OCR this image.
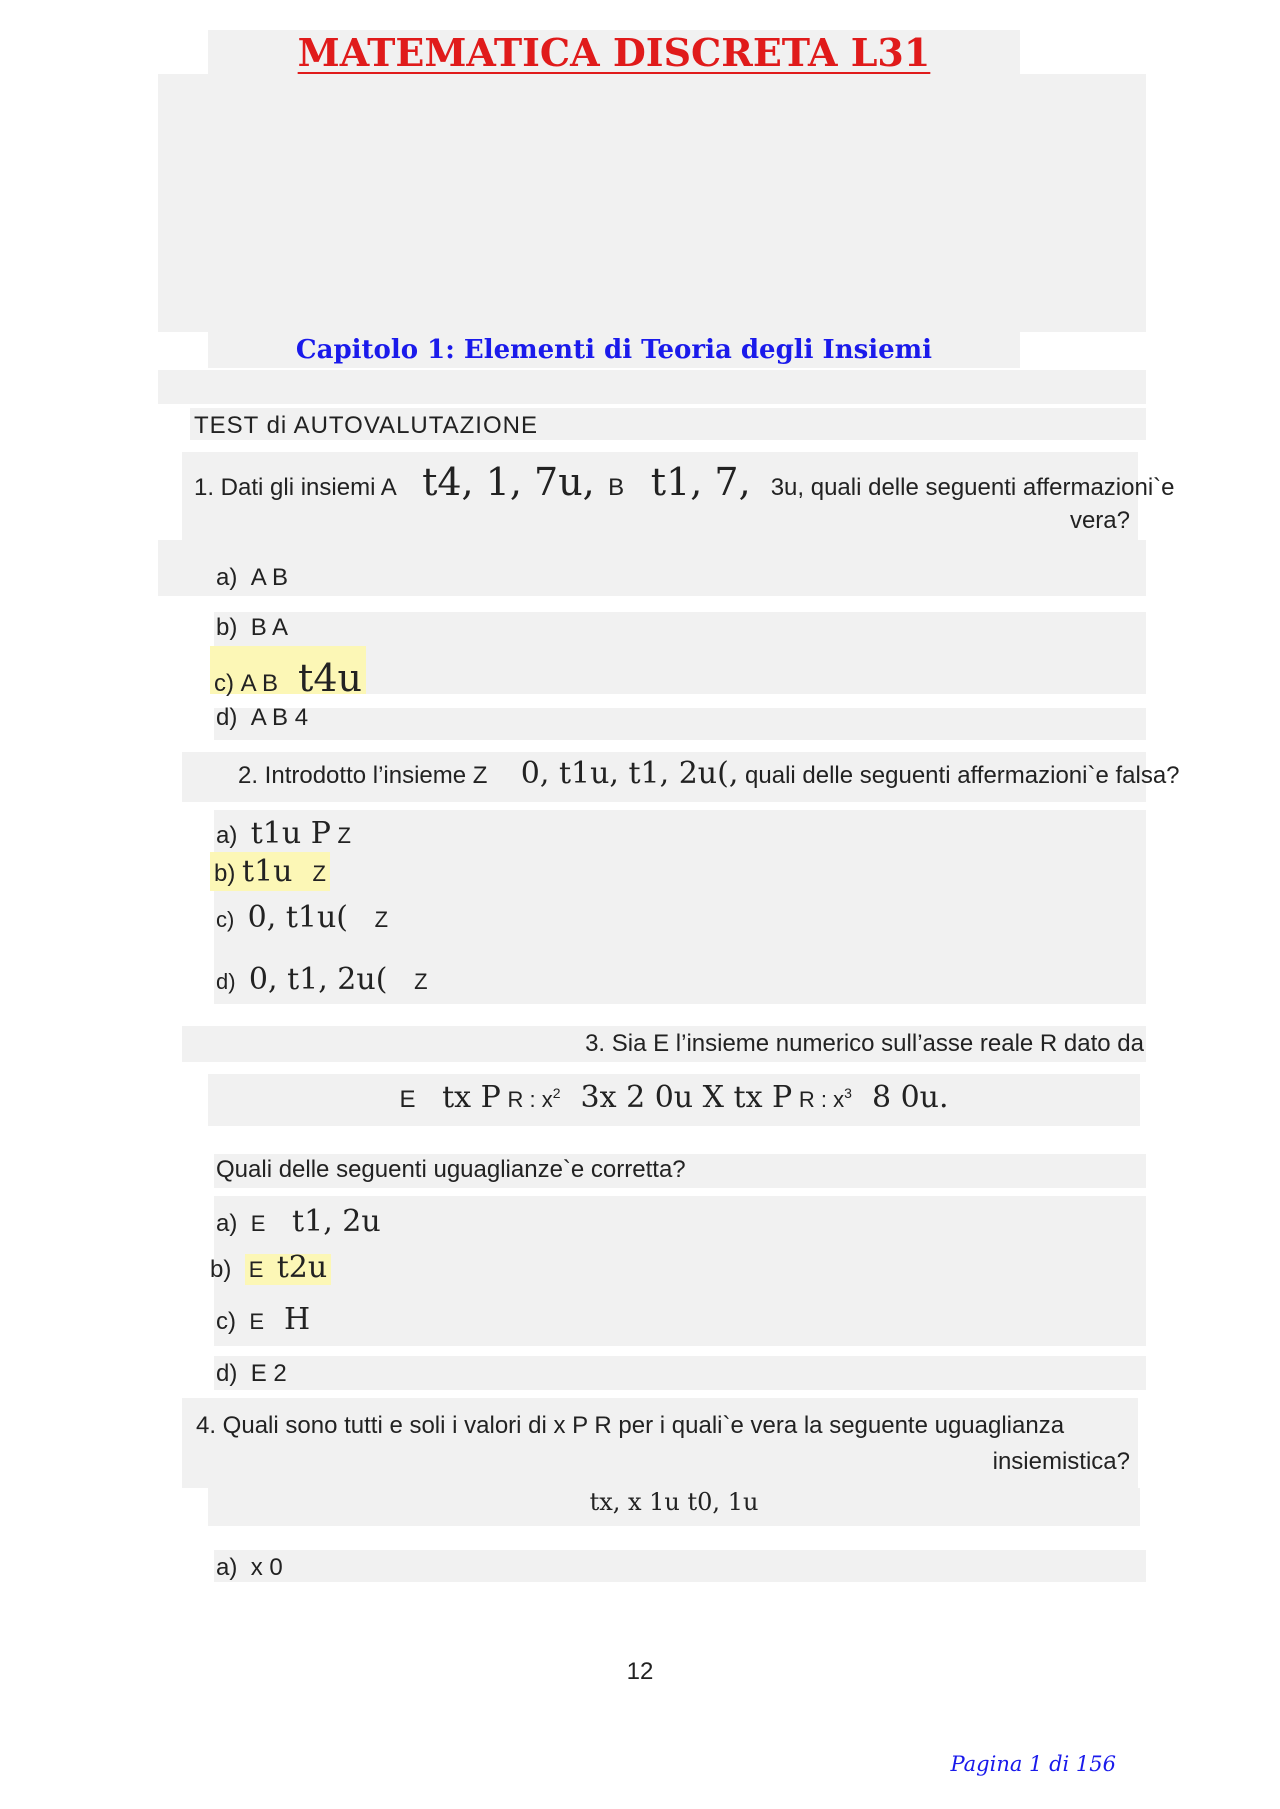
MATEMATICA DISCRETA L31
Capitolo 1: Elementi di Teoria degli Insiemi
TEST di AUTOVALUTAZIONE
1. Dati gli insiemi A t4, 1, 7u, B t1, 7, 3u, quali delle seguenti affermazioni`e
vera?
a) A B
b) B A
c) A B t4u
d) A B 4
2. Introdotto l’insieme Z 0, t1u, t1, 2u(, quali delle seguenti affermazioni`e falsa?
a) t1u P Z
b) t1u Z
c) 0, t1u( Z
d) 0, t1, 2u( Z
3. Sia E l’insieme numerico sull’asse reale R dato da
E tx P R : $x^2$ 3x 2 0u X tx P R : $x^3$ 8 0u.
Quali delle seguenti uguaglianze`e corretta?
a) E t1, 2u
b) E t2u
c) E H
d) E 2
4. Quali sono tutti e soli i valori di x P R per i quali`e vera la seguente uguaglianza
insiemistica?
tx, x 1u t0, 1u
a) x 0
12
Pagina 1 di 156
